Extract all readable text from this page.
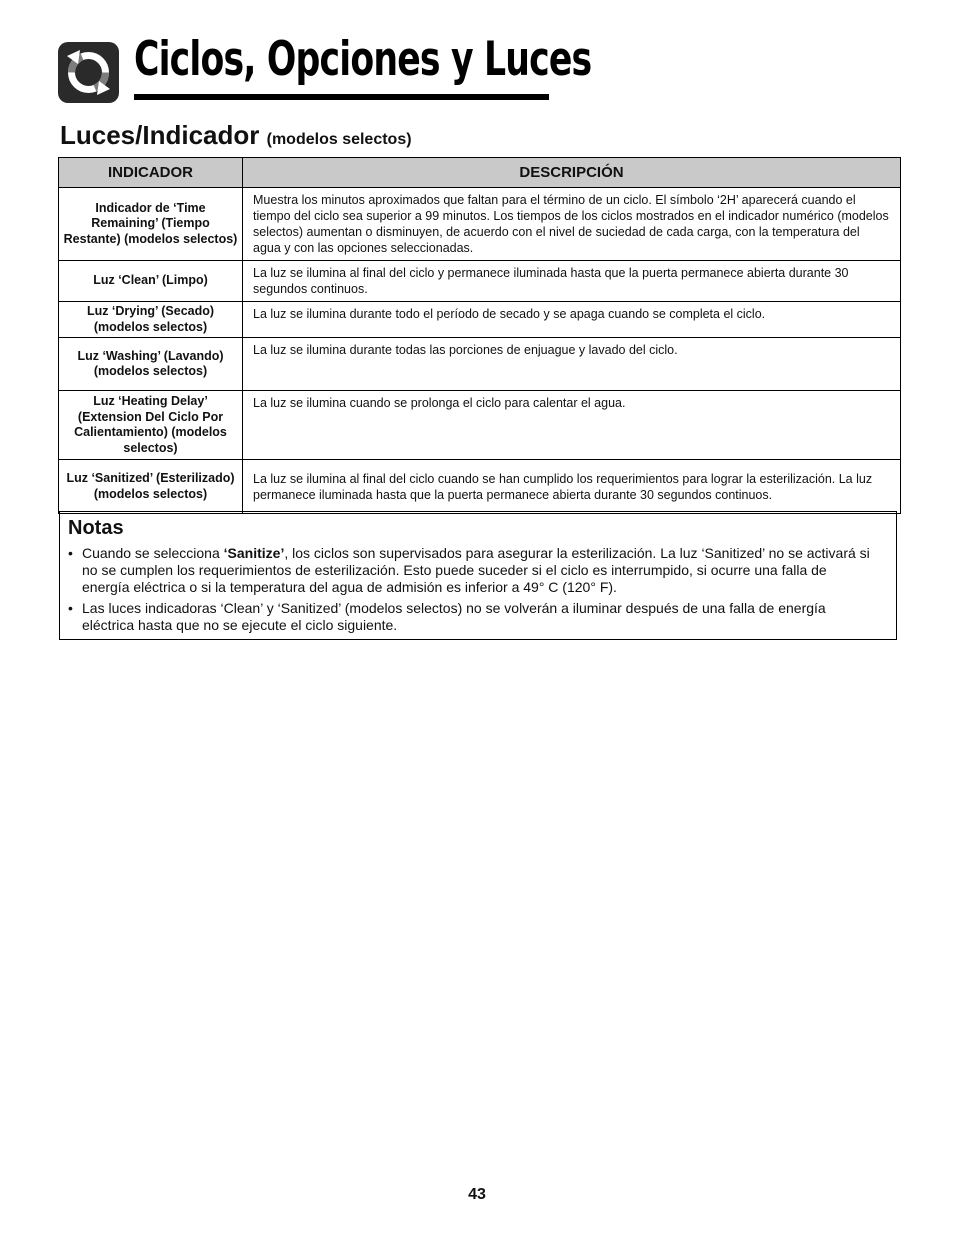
Ciclos, Opciones y Luces
Luces/Indicador (modelos selectos)
INDICADOR	DESCRIPCIÓN
Indicador de ‘Time Remaining’ (Tiempo Restante) (modelos selectos)	Muestra los minutos aproximados que faltan para el término de un ciclo. El símbolo ‘2H’ aparecerá cuando el tiempo del ciclo sea superior a 99 minutos. Los tiempos de los ciclos mostrados en el indicador numérico (modelos selectos) aumentan o disminuyen, de acuerdo con el nivel de suciedad de cada carga, con la temperatura del agua y con las opciones seleccionadas.
Luz ‘Clean’ (Limpo)	La luz se ilumina al final del ciclo y permanece iluminada hasta que la puerta permanece abierta durante 30 segundos continuos.
Luz ‘Drying’ (Secado) (modelos selectos)	La luz se ilumina durante todo el período de secado y se apaga cuando se completa el ciclo.
Luz ‘Washing’ (Lavando) (modelos selectos)	La luz se ilumina durante todas las porciones de enjuague y lavado del ciclo.
Luz ‘Heating Delay’ (Extension Del Ciclo Por Calientamiento) (modelos selectos)	La luz se ilumina cuando se prolonga el ciclo para calentar el agua.
Luz ‘Sanitized’ (Esterilizado) (modelos selectos)	La luz se ilumina al final del ciclo cuando se han cumplido los requerimientos para lograr la esterilización. La luz permanece iluminada hasta que la puerta permanece abierta durante 30 segundos continuos.
Notas
• Cuando se selecciona ‘Sanitize’, los ciclos son supervisados para asegurar la esterilización. La luz ‘Sanitized’ no se activará si no se cumplen los requerimientos de esterilización. Esto puede suceder si el ciclo es interrumpido, si ocurre una falla de energía eléctrica o si la temperatura del agua de admisión es inferior a 49° C (120° F).
• Las luces indicadoras ‘Clean’ y ‘Sanitized’ (modelos selectos) no se volverán a iluminar después de una falla de energía eléctrica hasta que no se ejecute el ciclo siguiente.
43
